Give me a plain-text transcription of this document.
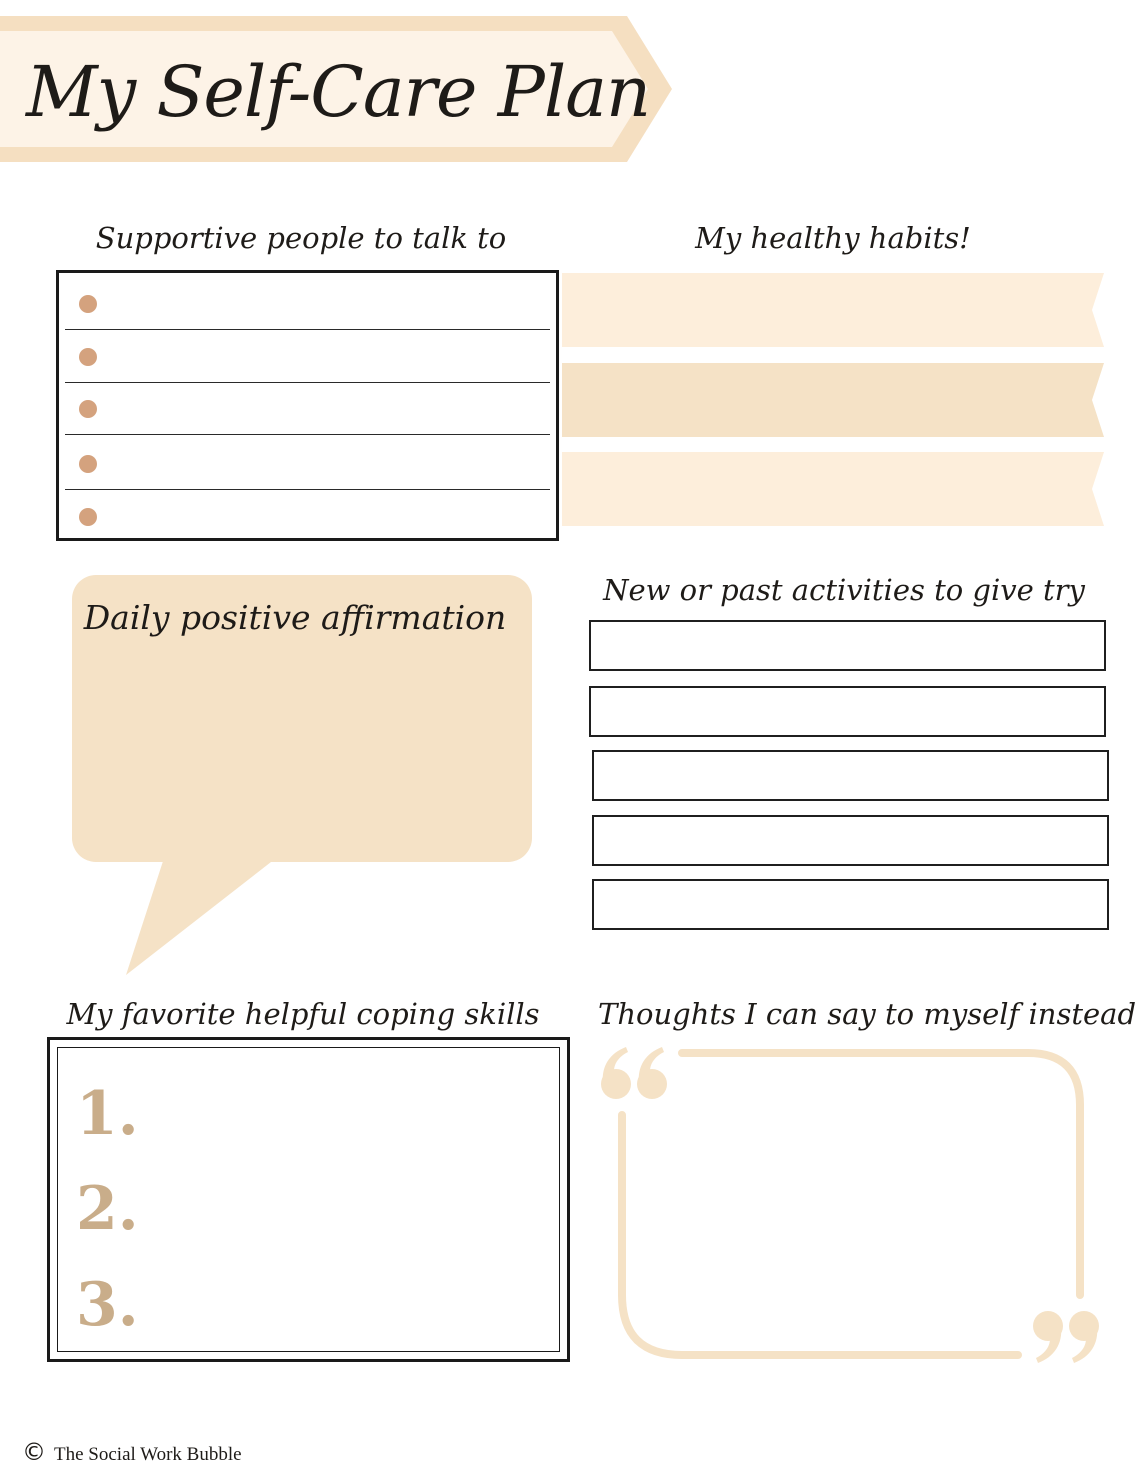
My Self-Care Plan
Supportive people to talk to	My healthy habits!
Daily positive affirmation
New or past activities to give try
My favorite helpful coping skills
1.
2.
3.
Thoughts I can say to myself instead
© The Social Work Bubble
